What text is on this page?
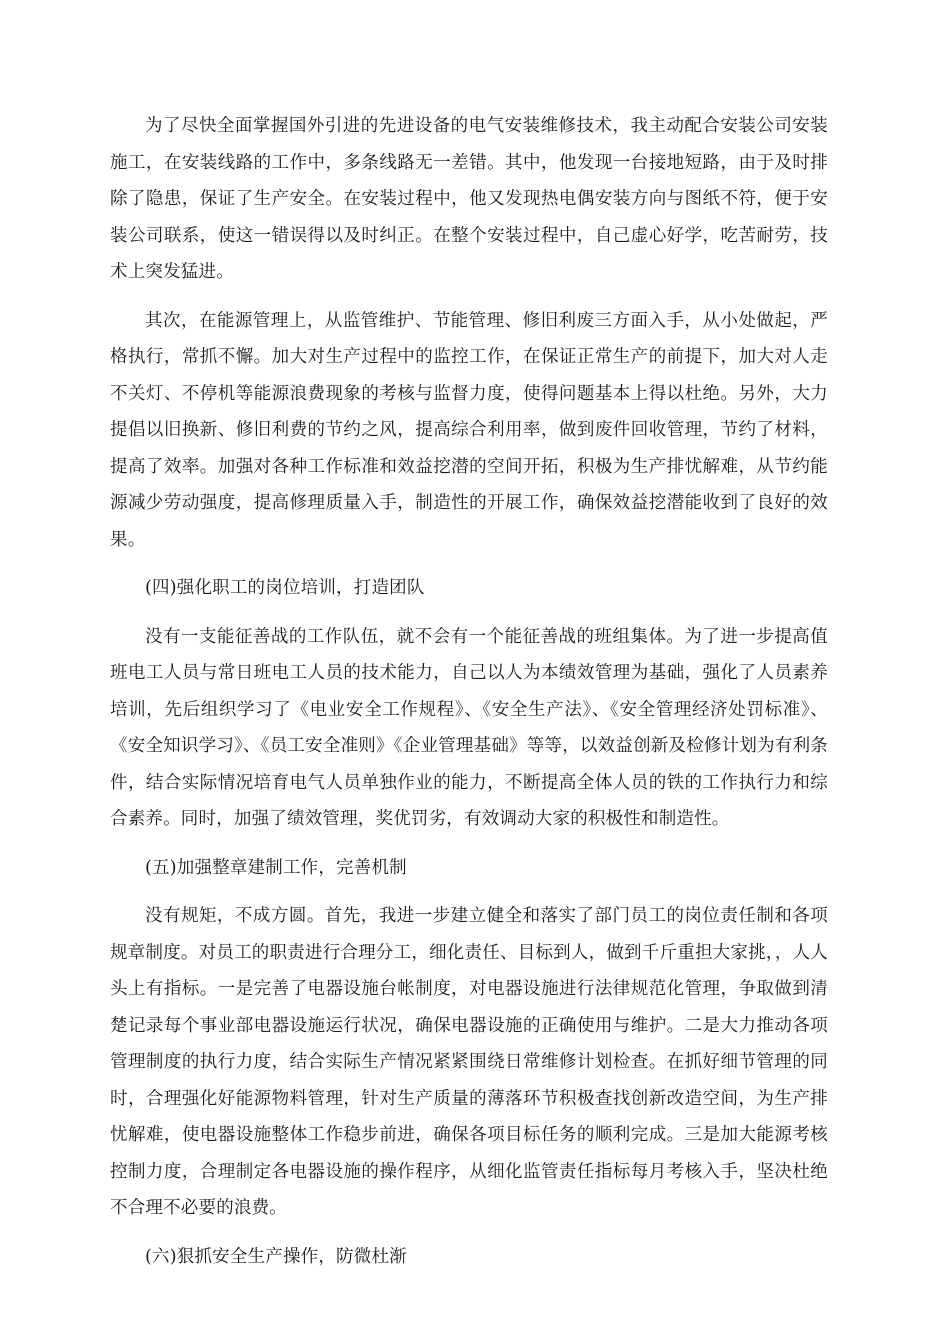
为了尽快全面掌握国外引进的先进设备的电气安装维修技术，我主动配合安装公司安装施工，在安装线路的工作中，多条线路无一差错。其中，他发现一台接地短路，由于及时排除了隐患，保证了生产安全。在安装过程中，他又发现热电偶安装方向与图纸不符，便于安装公司联系，使这一错误得以及时纠正。在整个安装过程中，自己虚心好学，吃苦耐劳，技术上突发猛进。

其次，在能源管理上，从监管维护、节能管理、修旧利废三方面入手，从小处做起，严格执行，常抓不懈。加大对生产过程中的监控工作，在保证正常生产的前提下，加大对人走不关灯、不停机等能源浪费现象的考核与监督力度，使得问题基本上得以杜绝。另外，大力提倡以旧换新、修旧利费的节约之风，提高综合利用率，做到废件回收管理，节约了材料，提高了效率。加强对各种工作标准和效益挖潜的空间开拓，积极为生产排忧解难，从节约能源减少劳动强度，提高修理质量入手，制造性的开展工作，确保效益挖潜能收到了良好的效果。

(四)强化职工的岗位培训，打造团队

没有一支能征善战的工作队伍，就不会有一个能征善战的班组集体。为了进一步提高值班电工人员与常日班电工人员的技术能力，自己以人为本绩效管理为基础，强化了人员素养培训，先后组织学习了《电业安全工作规程》、《安全生产法》、《安全管理经济处罚标准》、《安全知识学习》、《员工安全准则》《企业管理基础》等等，以效益创新及检修计划为有利条件，结合实际情况培育电气人员单独作业的能力，不断提高全体人员的铁的工作执行力和综合素养。同时，加强了绩效管理，奖优罚劣，有效调动大家的积极性和制造性。

(五)加强整章建制工作，完善机制

没有规矩，不成方圆。首先，我进一步建立健全和落实了部门员工的岗位责任制和各项规章制度。对员工的职责进行合理分工，细化责任、目标到人，做到千斤重担大家挑，，人人头上有指标。一是完善了电器设施台帐制度，对电器设施进行法律规范化管理，争取做到清楚记录每个事业部电器设施运行状况，确保电器设施的正确使用与维护。二是大力推动各项管理制度的执行力度，结合实际生产情况紧紧围绕日常维修计划检查。在抓好细节管理的同时，合理强化好能源物料管理，针对生产质量的薄落环节积极查找创新改造空间，为生产排忧解难，使电器设施整体工作稳步前进，确保各项目标任务的顺利完成。三是加大能源考核控制力度，合理制定各电器设施的操作程序，从细化监管责任指标每月考核入手，坚决杜绝不合理不必要的浪费。

(六)狠抓安全生产操作，防微杜渐
